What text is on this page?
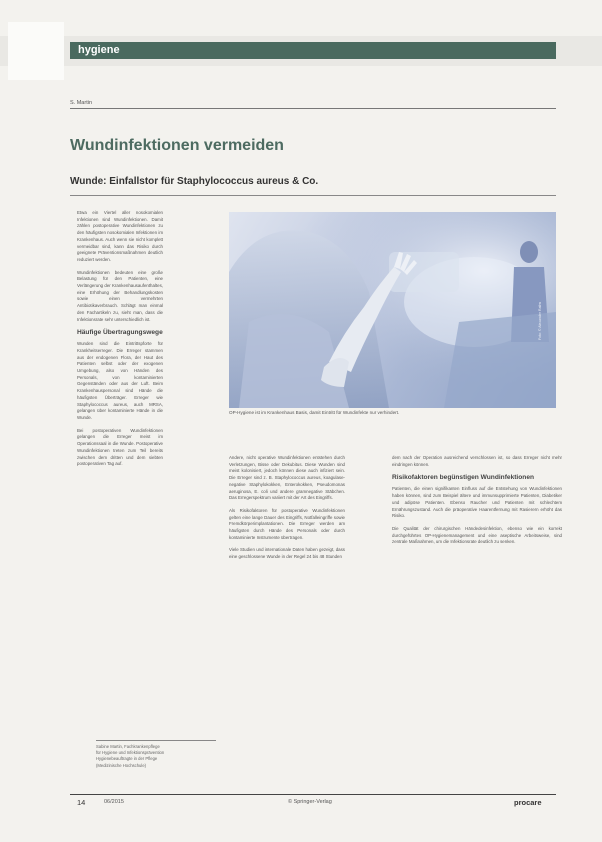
hygiene
S. Martin
Wundinfektionen vermeiden
Wunde: Einfallstor für Staphylococcus aureus & Co.

Etwa ein Viertel aller nosokomialen Infektionen sind Wundinfektionen. Damit zählen postoperative Wundinfektionen zu den häufigsten nosokomialen Infektionen im Krankenhaus. Auch wenn sie nicht komplett vermeidbar sind, kann das Risiko durch geeignete Präventionsmaßnahmen deutlich reduziert werden.

Wundinfektionen bedeuten eine große Belastung für den Patienten, eine Verlängerung der Krankenhausaufenthaltes, eine Erhöhung der Behandlungskosten sowie einen vermehrten Antibiotikaverbrauch. Schlägt man einmal den Fachartikeln zu, sieht man, dass die Infektionsrate sehr unterschiedlich ist.

Häufige Übertragungswege

Wunden sind die Eintrittspforte für Krankheitserreger. Die Erreger stammen aus der endogenen Flora, der Haut des Patienten selbst oder der exogenen Umgebung, also von Händen des Personals, von kontaminierten Gegenständen oder aus der Luft. Beim Krankenhauspersonal sind Hände die häufigsten Überträger. Erreger wie Staphylococcus aureus, auch MRSA, gelangen über kontaminierte Hände in die Wunde.

Bei postoperativen Wundinfektionen gelangen die Erreger meist im Operationssaal in die Wunde. Postoperative Wundinfektionen treten zum Teil bereits zwischen dem dritten und dem siebten postoperativen Tag auf.

Foto: © Alexander Raths
OP-Hygiene ist im Krankenhaus Basis, damit Eintritt für Wundinfekte nur verhindert.

Andere, nicht operative Wundinfektionen entstehen durch Verletzungen, Bisse oder Dekubitus. Diese Wunden sind meist kolonisiert, jedoch können diese auch infiziert sein. Die Erreger sind z. B. Staphylococcus aureus, koagulase-negative Staphylokokken, Enterokokken, Pseudomonas aeruginosa, E. coli und andere gramnegative Stäbchen. Das Erregerspektrum variiert mit der Art des Eingriffs.

Als Risikofaktoren für postoperative Wundinfektionen gelten eine lange Dauer des Eingriffs, Notfalleingriffe sowie Fremdkörperimplantationen. Die Erreger werden am häufigsten durch Hände des Personals oder durch kontaminierte Instrumente übertragen.

Viele Studien und internationale Daten haben gezeigt, dass eine geschlossene Wunde in der Regel 24 bis 48 Stunden

dem nach der Operation ausreichend verschlossen ist, so dass Erreger nicht mehr eindringen können.

Risikofaktoren begünstigen Wundinfektionen

Patienten, die einen signifikanten Einfluss auf die Entstehung von Wundinfektionen haben können, sind zum Beispiel ältere und immunsupprimierte Patienten, Diabetiker und adipöse Patienten. Ebenso Raucher und Patienten mit schlechtem Ernährungszustand. Auch die präoperative Haarentfernung mit Rasierern erhöht das Risiko.

Die Qualität der chirurgischen Händedesinfektion, ebenso wie ein korrekt durchgeführtes OP-Hygienemanagement und eine aseptische Arbeitsweise, sind zentrale Maßnahmen, um die Infektionsrate deutlich zu senken.

Sabine Martin, Fachkrankenpflege
für Hygiene und Infektionsprävention
Hygienebeauftragte in der Pflege
(Medizinische Hochschule)
14	06/2015	© Springer-Verlag	procare
